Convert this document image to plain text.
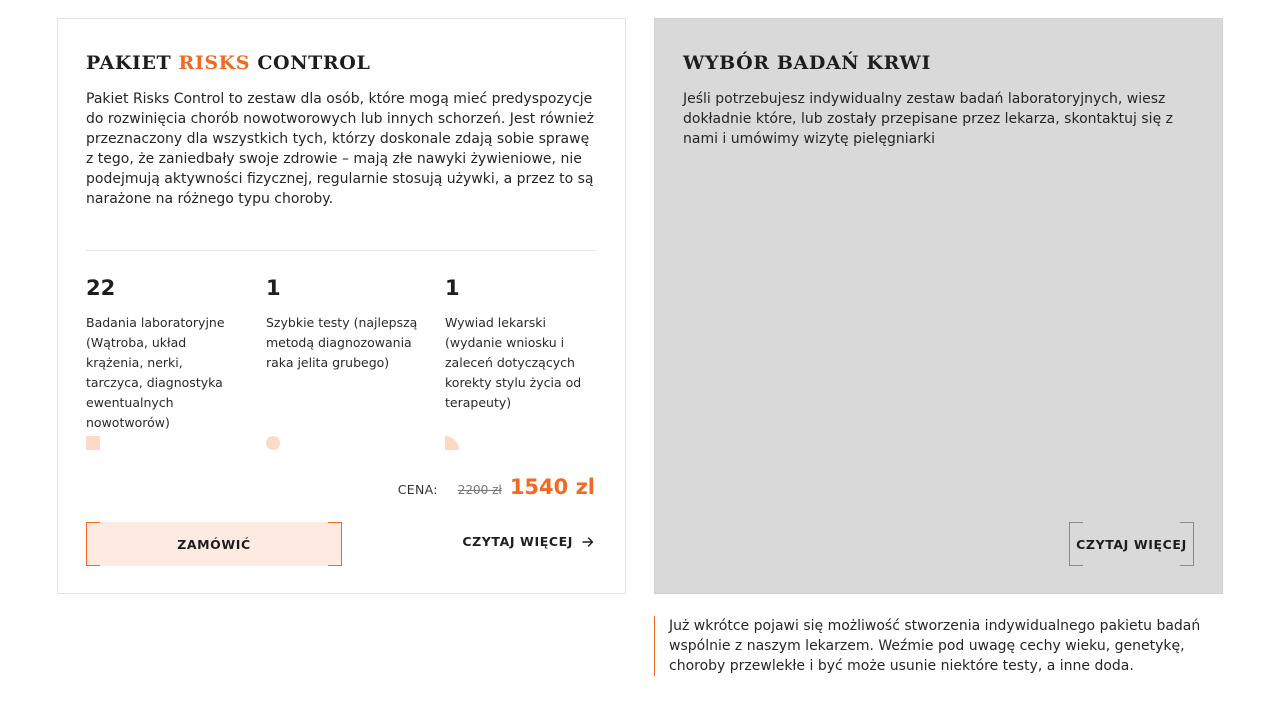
PAKIET RISKS CONTROL

Pakiet Risks Control to zestaw dla osób, które mogą mieć predyspozycje do rozwinięcia chorób nowotworowych lub innych schorzeń. Jest również przeznaczony dla wszystkich tych, którzy doskonale zdają sobie sprawę z tego, że zaniedbały swoje zdrowie – mają złe nawyki żywieniowe, nie podejmują aktywności fizycznej, regularnie stosują używki, a przez to są narażone na różnego typu choroby.

22
Badania laboratoryjne (Wątroba, układ krążenia, nerki, tarczyca, diagnostyka ewentualnych nowotworów)
1
Szybkie testy (najlepszą metodą diagnozowania raka jelita grubego)
1
Wywiad lekarski (wydanie wniosku i zaleceń dotyczących korekty stylu życia od terapeuty)
CENA: 2200 zł 1540 zl
ZAMÓWIĆ	CZYTAJ WIĘCEJ
WYBÓR BADAŃ KRWI

Jeśli potrzebujesz indywidualny zestaw badań laboratoryjnych, wiesz dokładnie które, lub zostały przepisane przez lekarza, skontaktuj się z nami i umówimy wizytę pielęgniarki

CZYTAJ WIĘCEJ

Już wkrótce pojawi się możliwość stworzenia indywidualnego pakietu badań wspólnie z naszym lekarzem. Weźmie pod uwagę cechy wieku, genetykę, choroby przewlekłe i być może usunie niektóre testy, a inne doda.
